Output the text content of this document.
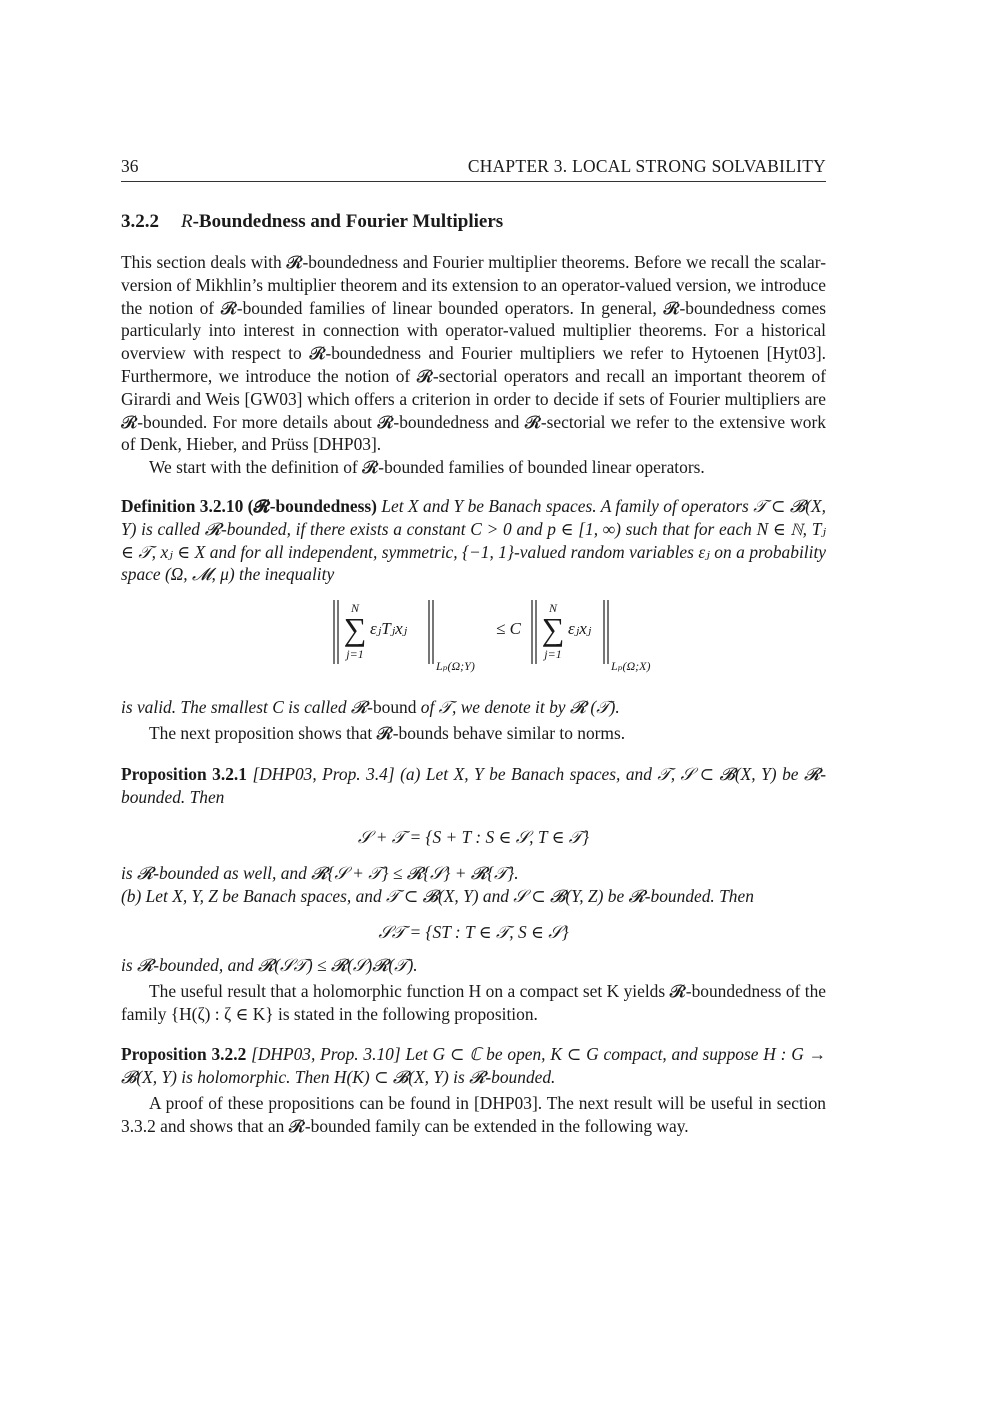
36	CHAPTER 3. LOCAL STRONG SOLVABILITY
3.2.2 R-Boundedness and Fourier Multipliers

This section deals with 𝓡-boundedness and Fourier multiplier theorems. Before we recall the scalar-version of Mikhlin’s multiplier theorem and its extension to an operator-valued version, we introduce the notion of 𝓡-bounded families of linear bounded operators. In general, 𝓡-boundedness comes particularly into interest in connection with operator-valued multiplier theorems. For a historical overview with respect to 𝓡-boundedness and Fourier multipliers we refer to Hytoenen [Hyt03]. Furthermore, we introduce the notion of 𝓡-sectorial operators and recall an important theorem of Girardi and Weis [GW03] which offers a criterion in order to decide if sets of Fourier multipliers are 𝓡-bounded. For more details about 𝓡-boundedness and 𝓡-sectorial we refer to the extensive work of Denk, Hieber, and Prüss [DHP03].

We start with the definition of 𝓡-bounded families of bounded linear operators.

Definition 3.2.10 (𝓡-boundedness) Let X and Y be Banach spaces. A family of operators 𝒯 ⊂ 𝓑(X, Y) is called 𝓡-bounded, if there exists a constant C > 0 and p ∈ [1, ∞) such that for each N ∈ ℕ, Tⱼ ∈ 𝒯, xⱼ ∈ X and for all independent, symmetric, {−1, 1}-valued random variables εⱼ on a probability space (Ω, 𝓜, μ) the inequality

N
∑
j=1
εⱼTⱼxⱼ
Lₚ(Ω;Y)
≤ C
N
∑
j=1
εⱼxⱼ
Lₚ(Ω;X)

is valid. The smallest C is called 𝓡-bound of 𝒯, we denote it by 𝓡 (𝒯).

The next proposition shows that 𝓡-bounds behave similar to norms.

Proposition 3.2.1 [DHP03, Prop. 3.4] (a) Let X, Y be Banach spaces, and 𝒯, 𝒮 ⊂ 𝓑(X, Y) be 𝓡-bounded. Then

𝒮 + 𝒯 = {S + T : S ∈ 𝒮, T ∈ 𝒯}

is 𝓡-bounded as well, and 𝓡{𝒮 + 𝒯} ≤ 𝓡{𝒮} + 𝓡{𝒯}.

(b) Let X, Y, Z be Banach spaces, and 𝒯 ⊂ 𝓑(X, Y) and 𝒮 ⊂ 𝓑(Y, Z) be 𝓡-bounded. Then

𝒮𝒯 = {ST : T ∈ 𝒯, S ∈ 𝒮}

is 𝓡-bounded, and 𝓡(𝒮𝒯) ≤ 𝓡(𝒮)𝓡(𝒯).

The useful result that a holomorphic function H on a compact set K yields 𝓡-boundedness of the family {H(ζ) : ζ ∈ K} is stated in the following proposition.

Proposition 3.2.2 [DHP03, Prop. 3.10] Let G ⊂ ℂ be open, K ⊂ G compact, and suppose H : G → 𝓑(X, Y) is holomorphic. Then H(K) ⊂ 𝓑(X, Y) is 𝓡-bounded.

A proof of these propositions can be found in [DHP03]. The next result will be useful in section 3.3.2 and shows that an 𝓡-bounded family can be extended in the following way.
